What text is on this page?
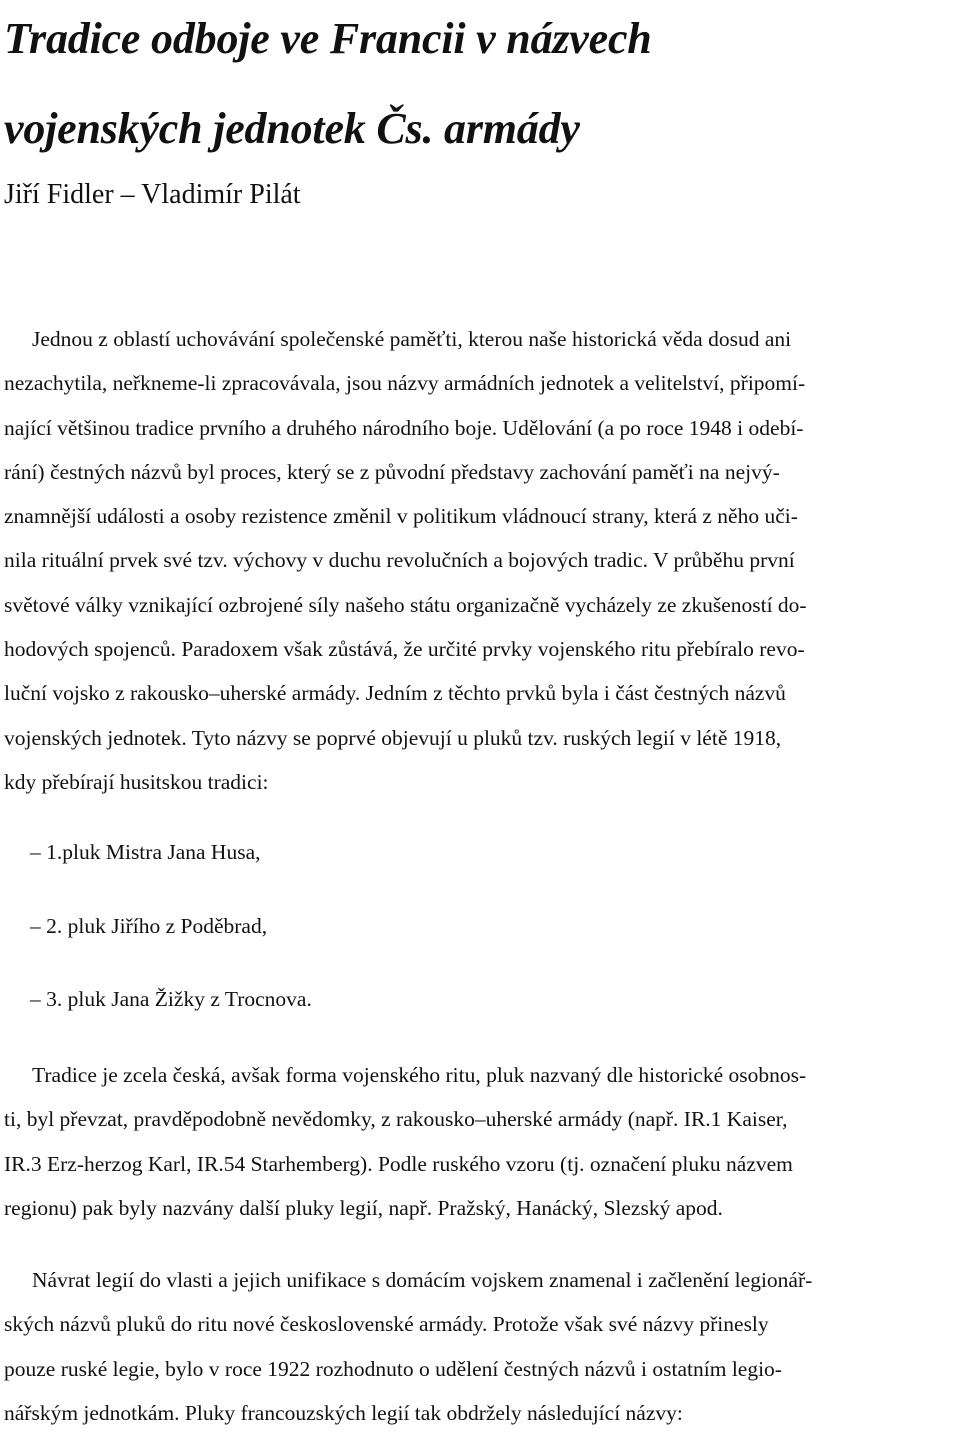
Tradice odboje ve Francii v názvech
vojenských jednotek Čs. armády

Jiří Fidler – Vladimír Pilát

Jednou z oblastí uchovávání společenské paměťti, kterou naše historická věda dosud ani
nezachytila, neřkneme-li zpracovávala, jsou názvy armádních jednotek a velitelství, připomí-
nající většinou tradice prvního a druhého národního boje. Udělování (a po roce 1948 i odebí-
rání) čestných názvů byl proces, který se z původní představy zachování paměťi na nejvý-
znamnější události a osoby rezistence změnil v politikum vládnoucí strany, která z něho uči-
nila rituální prvek své tzv. výchovy v duchu revolučních a bojových tradic. V průběhu první
světové války vznikající ozbrojené síly našeho státu organizačně vycházely ze zkušeností do-
hodových spojenců. Paradoxem však zůstává, že určité prvky vojenského ritu přebíralo revo-
luční vojsko z rakousko–uherské armády. Jedním z těchto prvků byla i část čestných názvů
vojenských jednotek. Tyto názvy se poprvé objevují u pluků tzv. ruských legií v létě 1918,
kdy přebírají husitskou tradici:

– 1.pluk Mistra Jana Husa,
– 2. pluk Jiřího z Poděbrad,
– 3. pluk Jana Žižky z Trocnova.

Tradice je zcela česká, avšak forma vojenského ritu, pluk nazvaný dle historické osobnos-
ti, byl převzat, pravděpodobně nevědomky, z rakousko–uherské armády (např. IR.1 Kaiser,
IR.3 Erz-herzog Karl, IR.54 Starhemberg). Podle ruského vzoru (tj. označení pluku názvem
regionu) pak byly nazvány další pluky legií, např. Pražský, Hanácký, Slezský apod.

Návrat legií do vlasti a jejich unifikace s domácím vojskem znamenal i začlenění legionář-
ských názvů pluků do ritu nové československé armády. Protože však své názvy přinesly
pouze ruské legie, bylo v roce 1922 rozhodnuto o udělení čestných názvů i ostatním legio-
nářským jednotkám. Pluky francouzských legií tak obdržely následující názvy:
